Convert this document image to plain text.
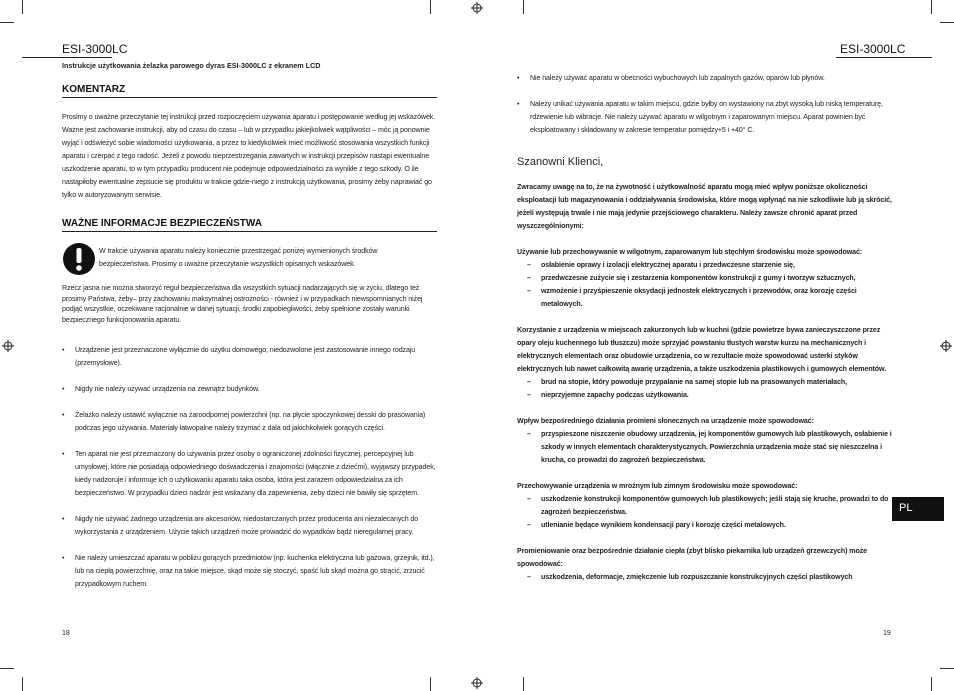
ESI-3000LC
Instrukcje użytkowania żelazka parowego dyras ESI-3000LC z ekranem LCD
KOMENTARZ

Prosimy o uważne przeczytanie tej instrukcji przed rozpoczęciem używania aparatu i postępowanie według jej wskazówek. Ważne jest zachowanie instrukcji, aby od czasu do czasu – lub w przypadku jakiejkolwiek wątpliwości – móc ją ponownie wyjąć i odświeżyć sobie wiadomości użytkowania, a przez to kiedykolwiek mieć możliwość stosowania wszystkich funkcji aparatu i czerpać z tego radość. Jeżeli z powodu nieprzestrzegania zawartych w instrukcji przepisów nastąpi ewentualne uszkodzenie aparatu, to w tym przypadku producent nie podejmuje odpowiedzialności za wynikłe z tego szkody. O ile nastąpiłoby ewentualne zepsucie się produktu w trakcie gdzie-niego z instrukcją użytkowania, prosimy żeby naprawiać go tylko w autoryzowanym serwisie.

WAŻNE INFORMACJE BEZPIECZEŃSTWA

W trakcie używania aparatu należy koniecznie przestrzegać poniżej wymienionych środków bezpieczeństwa. Prosimy o uważne przeczytanie wszystkich opisanych wskazówek.

Rzecz jasna nie można stworzyć reguł bezpieczeństwa dla wszystkich sytuacji nadarzających się w życiu, dlatego też prosimy Państwa, żeby– przy zachowaniu maksymalnej ostrożności - również i w przypadkach niewspomnianych niżej podjąć wszystkie, oczekiwane racjonalnie w danej sytuacji, środki zapobiegliwości, żeby spełnione zostały warunki bezpiecznego funkcjonowania aparatu.

• Urządzenie jest przeznaczone wyłącznie do użytku domowego; niedozwolone jest zastosowanie innego rodzaju (przemysłowe).
• Nigdy nie należy używać urządzenia na zewnątrz budynków.
• Żelazko należy ustawić wyłącznie na żaroodpornej powierzchni (np. na płycie spoczynkowej desski do prasowania) podczas jego używania. Materiały łatwopalne należy trzymać z dala od jakichkolwiek gorących części.
• Ten aparat nie jest przeznaczony do używania przez osoby o ograniczonej zdolności fizycznej, percepcyjnej lub umysłowej, które nie posiadają odpowiedniego doświadczenia i znajomości (włącznie z dziećmi), wyjąwszy przypadek, kiedy nadzoruje i informuje ich o użytkowaniu aparatu taka osoba, która jest zarazem odpowiedzialna za ich bezpieczeństwo. W przypadku dzieci nadzór jest wskazany dla zapewnienia, żeby dzieci nie bawiły się sprzętem.
• Nigdy nie używać żadnego urządzenia ani akcesoriów, niedostarczanych przez producenta ani niezalecanych do wykorzystania z urządzeniem. Użycie takich urządzeń może prowadzić do wypadków bądź nieregularnej pracy.
• Nie należy umieszczać aparatu w pobliżu gorących przedmiotów (np. kuchenka elektryczna lub gazowa, grzejnik, itd.), lub na ciepłą powierzchnię, oraz na takie miejsce, skąd może się stoczyć, spaść lub skąd można go strącić, zrzucić przypadkowym ruchem.
18
ESI-3000LC
• Nie należy używać aparatu w obecności wybuchowych lub zapalnych gazów, oparów lub płynów.
• Należy unikać używania aparatu w takim miejscu, gdzie byłby on wystawiony na zbyt wysoką lub niską temperaturę, rdzewienie lub wibracje. Nie należy używać aparatu w wilgotnym i zaparowanym miejscu. Aparat powinien być eksploatowany i składowany w zakresie temperatur pomiędzy+5 i +40° C.
Szanowni Klienci,

Zwracamy uwagę na to, że na żywotność i użytkowalność aparatu mogą mieć wpływ poniższe okoliczności eksploatacji lub magazynowania i oddziaływania środowiska, które mogą wpłynąć na nie szkodliwie lub ją skrócić, jeżeli występują trwale i nie mają jedynie przejściowego charakteru. Należy zawsze chronić aparat przed wyszczególnionymi:

Używanie lub przechowywanie w wilgotnym, zaparowanym lub stęchłym środowisku może spowodować:

– osłabienie oprawy i izolacji elektrycznej aparatu i przedwczesne starzenie się,
– przedwczesne zużycie się i zestarzenia komponentów konstrukcji z gumy i tworzyw sztucznych,
– wzmożenie i przyśpieszenie oksydacji jednostek elektrycznych i przewodów, oraz korozję części metalowych.

Korzystanie z urządzenia w miejscach zakurzonych lub w kuchni (gdzie powietrze bywa zanieczyszczone przez opary oleju kuchennego lub tłuszczu) może sprzyjać powstaniu tłustych warstw kurzu na mechanicznych i elektrycznych elementach oraz obudowie urządzenia, co w rezultacie może spowodować usterki styków elektrycznych lub nawet całkowitą awarię urządzenia, a także uszkodzenia plastikowych i gumowych elementów.

– brud na stopie, który powoduje przypalanie na samej stopie lub na prasowanych materiałach,
– nieprzyjemne zapachy podczas użytkowania.

Wpływ bezpośredniego działania promieni słonecznych na urządzenie może spowodować:

– przyspieszone niszczenie obudowy urządzenia, jej komponentów gumowych lub plastikowych, osłabienie i szkody w innych elementach charakterystycznych. Powierzchnia urządzenia może stać się nieszczelna i krucha, co prowadzi do zagrożeń bezpieczeństwa.

Przechowywanie urządzenia w mroźnym lub zimnym środowisku może spowodować:

– uszkodzenie konstrukcji komponentów gumowych lub plastikowych; jeśli stają się kruche, prowadzi to do zagrożeń bezpieczeństwa.
– utlenianie będące wynikiem kondensacji pary i korozję części metalowych.

Promieniowanie oraz bezpośrednie działanie ciepła (zbyt blisko piekarnika lub urządzeń grzewczych) może spowodować:

– uszkodzenia, deformacje, zmiękczenie lub rozpuszczanie konstrukcyjnych części plastikowych
PL
19
